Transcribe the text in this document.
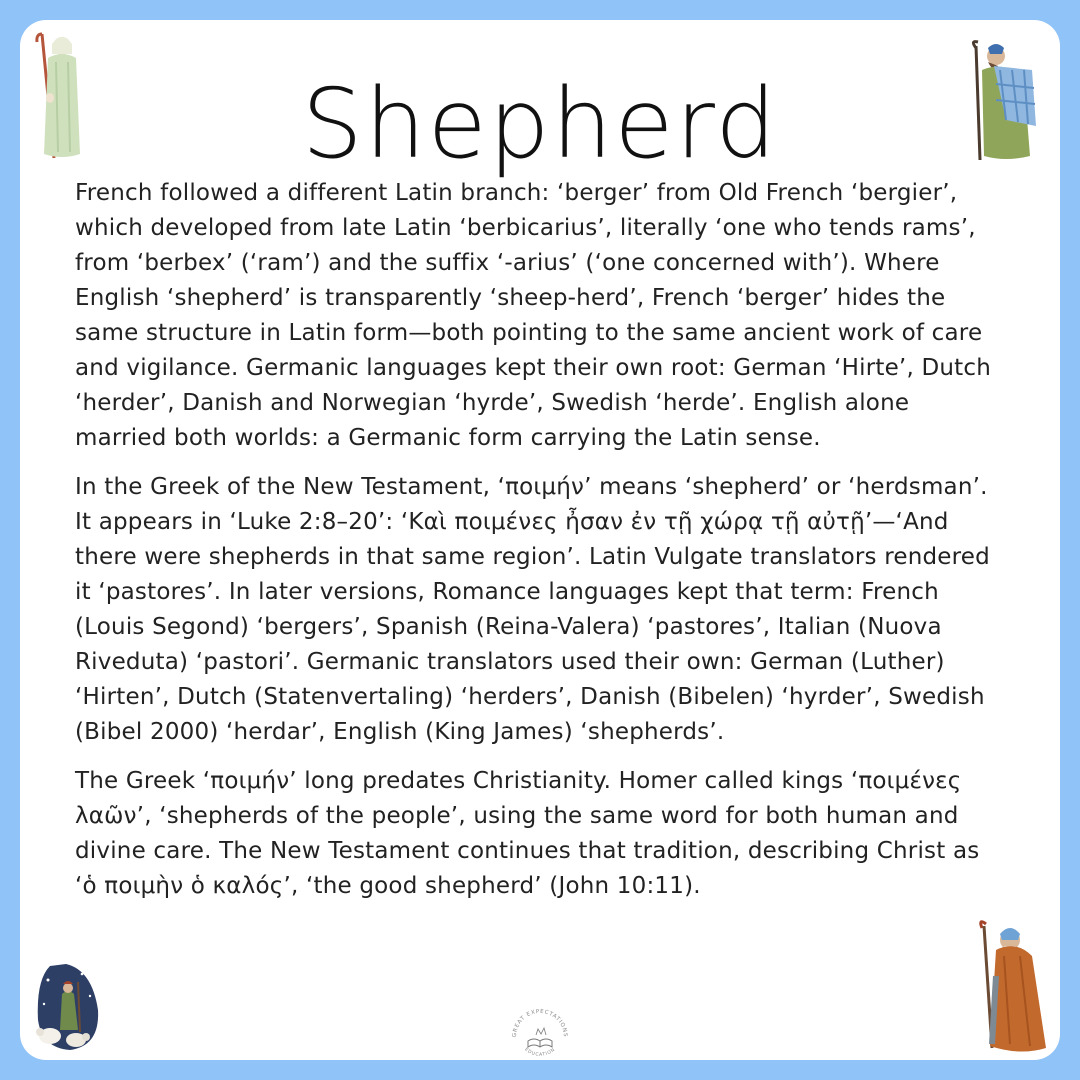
Shepherd

French followed a different Latin branch: ‘berger’ from Old French ‘bergier’, which developed from late Latin ‘berbicarius’, literally ‘one who tends rams’, from ‘berbex’ (‘ram’) and the suffix ‘-arius’ (‘one concerned with’). Where English ‘shepherd’ is transparently ‘sheep-herd’, French ‘berger’ hides the same structure in Latin form—both pointing to the same ancient work of care and vigilance. Germanic languages kept their own root: German ‘Hirte’, Dutch ‘herder’, Danish and Norwegian ‘hyrde’, Swedish ‘herde’. English alone married both worlds: a Germanic form carrying the Latin sense.

In the Greek of the New Testament, ‘ποιμήν’ means ‘shepherd’ or ‘herdsman’. It appears in ‘Luke 2:8–20’: ‘Καὶ ποιμένες ἦσαν ἐν τῇ χώρᾳ τῇ αὐτῇ’—‘And there were shepherds in that same region’. Latin Vulgate translators rendered it ‘pastores’. In later versions, Romance languages kept that term: French (Louis Segond) ‘bergers’, Spanish (Reina-Valera) ‘pastores’, Italian (Nuova Riveduta) ‘pastori’. Germanic translators used their own: German (Luther) ‘Hirten’, Dutch (Statenvertaling) ‘herders’, Danish (Bibelen) ‘hyrder’, Swedish (Bibel 2000) ‘herdar’, English (King James) ‘shepherds’.

The Greek ‘ποιμήν’ long predates Christianity. Homer called kings ‘ποιμένες λαῶν’, ‘shepherds of the people’, using the same word for both human and divine care. The New Testament continues that tradition, describing Christ as ‘ὁ ποιμὴν ὁ καλός’, ‘the good shepherd’ (John 10:11).

GREAT EXPECTATIONS
EDUCATION
